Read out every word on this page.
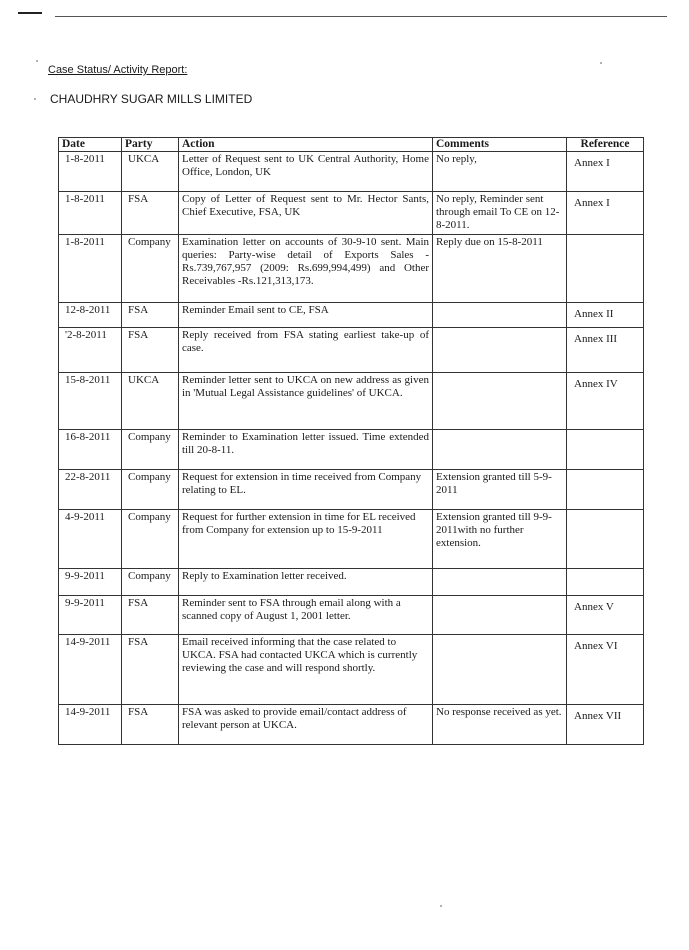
Case Status/ Activity Report:
CHAUDHRY SUGAR MILLS LIMITED
Date	Party	Action	Comments	Reference
1-8-2011	UKCA	Letter of Request sent to UK Central Authority, Home Office, London, UK	No reply,	Annex I
1-8-2011	FSA	Copy of Letter of Request sent to Mr. Hector Sants, Chief Executive, FSA, UK	No reply, Reminder sent through email To CE on 12-8-2011.	Annex I
1-8-2011	Company	Examination letter on accounts of 30-9-10 sent. Main queries: Party-wise detail of Exports Sales - Rs.739,767,957 (2009: Rs.699,994,499) and Other Receivables -Rs.121,313,173.	Reply due on 15-8-2011	
12-8-2011	FSA	Reminder Email sent to CE, FSA		Annex II
'2-8-2011	FSA	Reply received from FSA stating earliest take-up of case.		Annex III
15-8-2011	UKCA	Reminder letter sent to UKCA on new address as given in 'Mutual Legal Assistance guidelines' of UKCA.		Annex IV
16-8-2011	Company	Reminder to Examination letter issued. Time extended till 20-8-11.		
22-8-2011	Company	Request for extension in time received from Company relating to EL.	Extension granted till 5-9-2011	
4-9-2011	Company	Request for further extension in time for EL received from Company for extension up to 15-9-2011	Extension granted till 9-9-2011with no further extension.	
9-9-2011	Company	Reply to Examination letter received.		
9-9-2011	FSA	Reminder sent to FSA through email along with a scanned copy of August 1, 2001 letter.		Annex V
14-9-2011	FSA	Email received informing that the case related to UKCA. FSA had contacted UKCA which is currently reviewing the case and will respond shortly.		Annex VI
14-9-2011	FSA	FSA was asked to provide email/contact address of relevant person at UKCA.	No response received as yet.	Annex VII
